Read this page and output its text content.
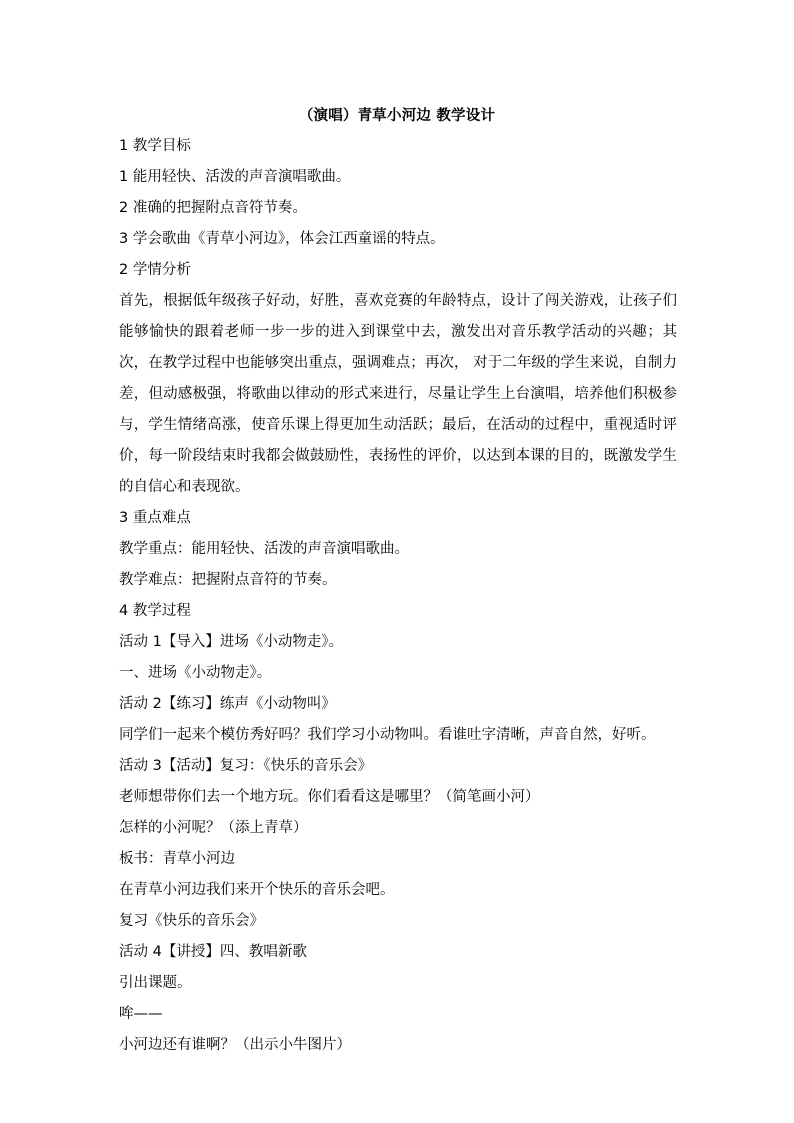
（演唱）青草小河边 教学设计
1 教学目标
1 能用轻快、活泼的声音演唱歌曲。
2 准确的把握附点音符节奏。
3 学会歌曲《青草小河边》，体会江西童谣的特点。
2 学情分析
首先，根据低年级孩子好动，好胜，喜欢竞赛的年龄特点，设计了闯关游戏，让孩子们能够愉快的跟着老师一步一步的进入到课堂中去，激发出对音乐教学活动的兴趣；其次，在教学过程中也能够突出重点，强调难点；再次， 对于二年级的学生来说，自制力差，但动感极强，将歌曲以律动的形式来进行，尽量让学生上台演唱，培养他们积极参与，学生情绪高涨，使音乐课上得更加生动活跃；最后，在活动的过程中，重视适时评价，每一阶段结束时我都会做鼓励性，表扬性的评价，以达到本课的目的，既激发学生的自信心和表现欲。
3 重点难点
教学重点：能用轻快、活泼的声音演唱歌曲。
教学难点：把握附点音符的节奏。
4 教学过程
活动 1【导入】进场《小动物走》。
一、进场《小动物走》。
活动 2【练习】练声《小动物叫》
同学们一起来个模仿秀好吗？我们学习小动物叫。看谁吐字清晰，声音自然，好听。
活动 3【活动】复习：《快乐的音乐会》
老师想带你们去一个地方玩。你们看看这是哪里？（简笔画小河）
怎样的小河呢？（添上青草）
板书：青草小河边
在青草小河边我们来开个快乐的音乐会吧。
复习《快乐的音乐会》
活动 4【讲授】四、教唱新歌
引出课题。
哞——
小河边还有谁啊？（出示小牛图片）
